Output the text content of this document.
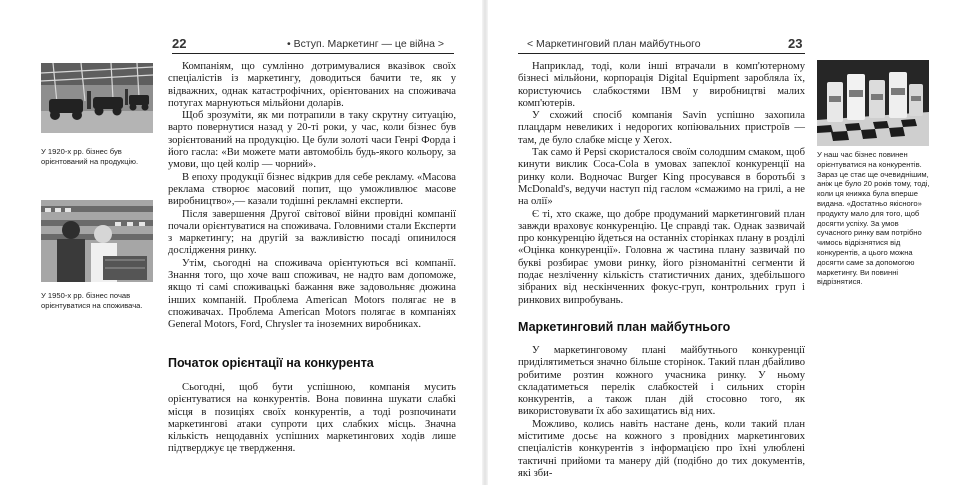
22	• Вступ. Маркетинг — це війна >
У 1920-х рр. бізнес був орієнтований на продукцію.
У 1950-х рр. бізнес почав орієнтуватися на споживача.

Компаніям, що сумлінно дотримувалися вказівок своїх спеціалістів із маркетингу, доводиться бачити те, як у відважних, однак катастрофічних, орієнтованих на споживача потугах марнуються мільйони доларів.

Щоб зрозуміти, як ми потрапили в таку скрутну ситуацію, варто повернутися назад у 20-ті роки, у час, коли бізнес був зорієнтований на продукцію. Це були золоті часи Генрі Форда і його гасла: «Ви можете мати автомобіль будь-якого кольору, за умови, що цей колір — чорний».

В епоху продукції бізнес відкрив для себе рекламу. «Масова реклама створює масовий попит, що уможливлює масове виробництво»,— казали тодішні рекламні експерти.

Після завершення Другої світової війни провідні компанії почали орієнтуватися на споживача. Головними стали Експерти з маркетингу; на другій за важливістю посаді опинилося дослідження ринку.

Утім, сьогодні на споживача орієнтуються всі компанії. Знання того, що хоче ваш споживач, не надто вам допоможе, якщо ті самі споживацькі бажання вже задовольняє дюжина інших компаній. Проблема American Motors полягає не в споживачах. Проблема American Motors полягає в компаніях General Motors, Ford, Chrysler та іноземних виробниках.

Початок орієнтації на конкурента

Сьогодні, щоб бути успішною, компанія мусить орієнтуватися на конкурентів. Вона повинна шукати слабкі місця в позиціях своїх конкурентів, а тоді розпочинати маркетингові атаки супроти цих слабких місць. Значна кількість нещодавніх успішних маркетингових ходів лише підтверджує це твердження.

< Маркетинговий план майбутнього	23

Наприклад, тоді, коли інші втрачали в комп'ютерному бізнесі мільйони, корпорація Digital Equipment заробляла їх, користуючись слабкостями IBM у виробництві малих комп'ютерів.

У схожий спосіб компанія Savin успішно захопила плацдарм невеликих і недорогих копіювальних пристроїв — там, де було слабке місце у Xerox.

Так само й Pepsi скористалося своїм солодшим смаком, щоб кинути виклик Coca-Cola в умовах запеклої конкуренції на ринку коли. Водночас Burger King просувався в боротьбі з McDonald's, ведучи наступ під гаслом «смажимо на грилі, а не на олії»

Є ті, хто скаже, що добре продуманий маркетинговий план завжди враховує конкуренцію. Це справді так. Однак зазвичай про конкуренцію йдеться на останніх сторінках плану в розділі «Оцінка конкуренції». Головна ж частина плану зазвичай по букві розбирає умови ринку, його різноманітні сегменти й подає незліченну кількість статистичних даних, здебільшого зібраних від нескінченних фокус-груп, контрольних груп і ринкових випробувань.

У наш час бізнес повинен орієнтуватися на конкурентів. Зараз це стає ще очевиднішим, аніж це було 20 років тому, тоді, коли ця книжка була вперше видана. «Достатньо якісного» продукту мало для того, щоб досягти успіху. За умов сучасного ринку вам потрібно чимось відрізнятися від конкурентів, а цього можна досягти саме за допомогою маркетингу. Ви повинні відрізнятися.
Маркетинговий план майбутнього

У маркетинговому плані майбутнього конкуренції приділятиметься значно більше сторінок. Такий план дбайливо робитиме розтин кожного учасника ринку. У ньому складатиметься перелік слабкостей і сильних сторін конкурентів, а також план дій стосовно того, як використовувати їх або захищатись від них.

Можливо, колись навіть настане день, коли такий план міститиме досьє на кожного з провідних маркетингових спеціалістів конкурентів з інформацією про їхні улюблені тактичні прийоми та манеру дій (подібно до тих документів, які зби-
